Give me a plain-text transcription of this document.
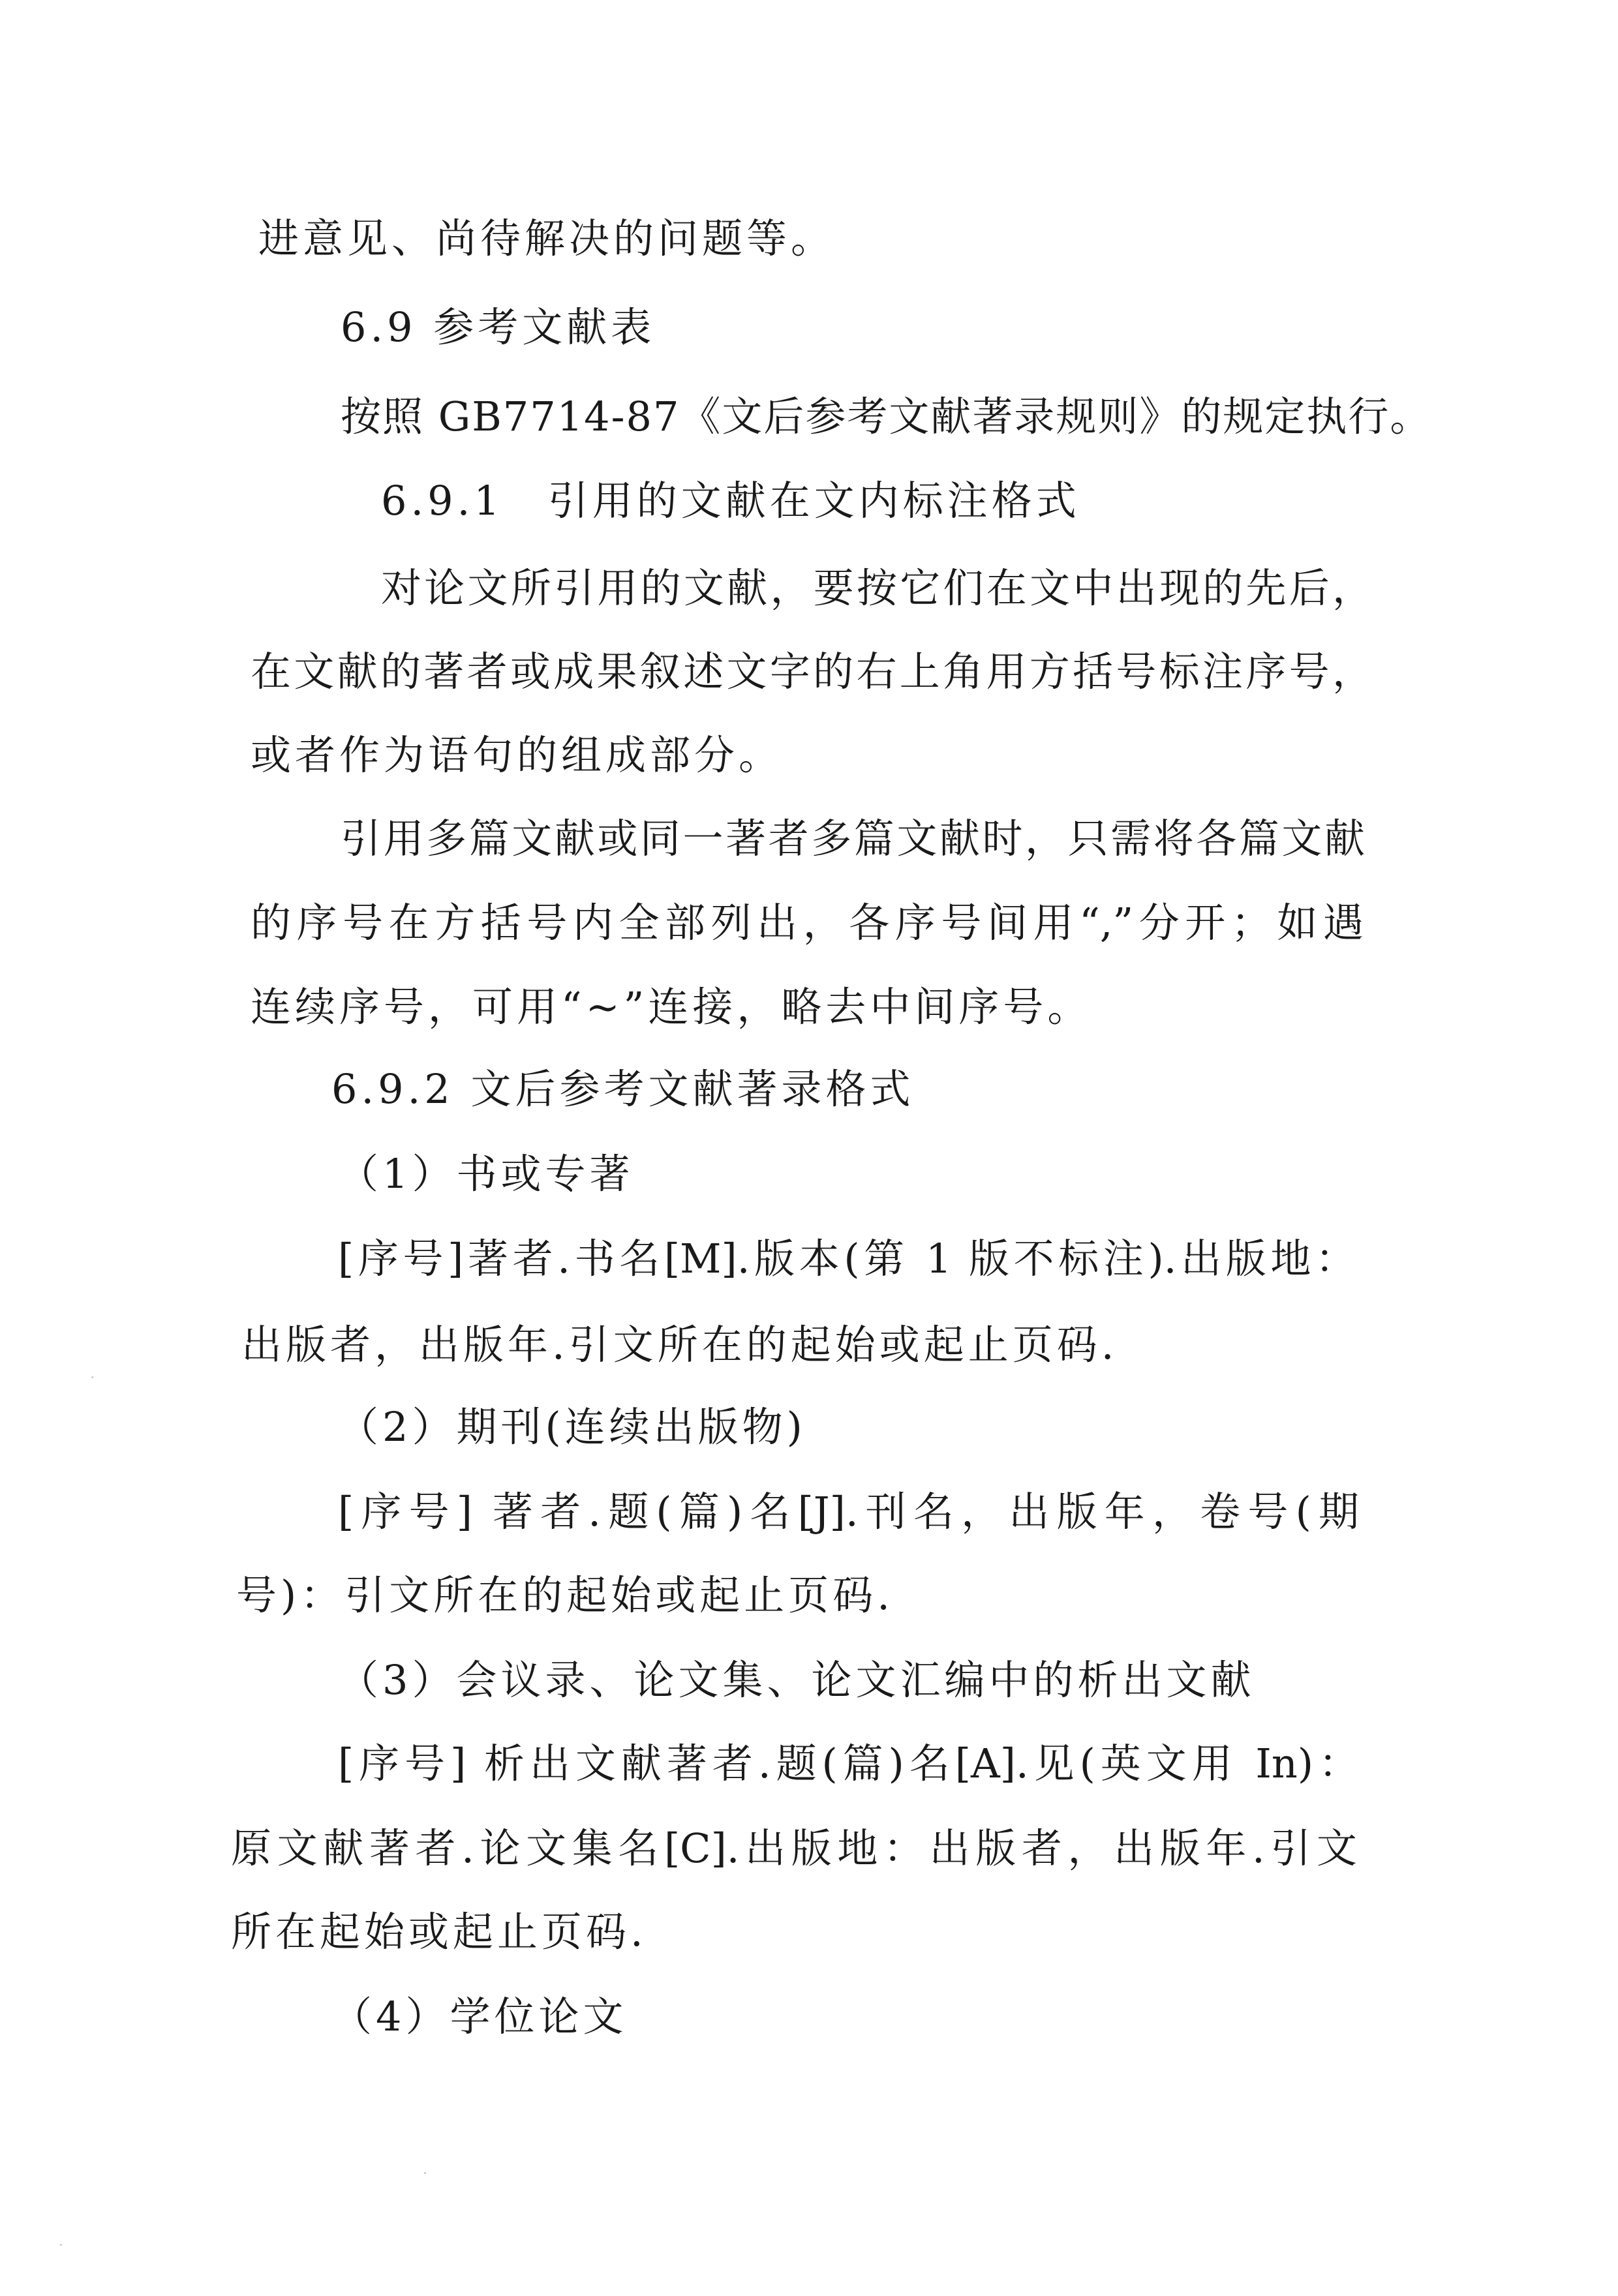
进意见、尚待解决的问题等。
6.9 参考文献表
按照 GB7714-87《文后参考文献著录规则》的规定执行。
6.9.1　引用的文献在文内标注格式
对论文所引用的文献，要按它们在文中出现的先后，
在文献的著者或成果叙述文字的右上角用方括号标注序号，
或者作为语句的组成部分。
引用多篇文献或同一著者多篇文献时，只需将各篇文献
的序号在方括号内全部列出，各序号间用“,”分开；如遇
连续序号，可用“~”连接，略去中间序号。
6.9.2 文后参考文献著录格式
（1）书或专著
[序号]著者.书名[M].版本(第 1 版不标注).出版地：
出版者，出版年.引文所在的起始或起止页码.
（2）期刊(连续出版物)
[序号] 著者.题(篇)名[J].刊名，出版年，卷号(期
号)：引文所在的起始或起止页码.
（3）会议录、论文集、论文汇编中的析出文献
[序号] 析出文献著者.题(篇)名[A].见(英文用 In)：
原文献著者.论文集名[C].出版地：出版者，出版年.引文
所在起始或起止页码.
（4）学位论文
